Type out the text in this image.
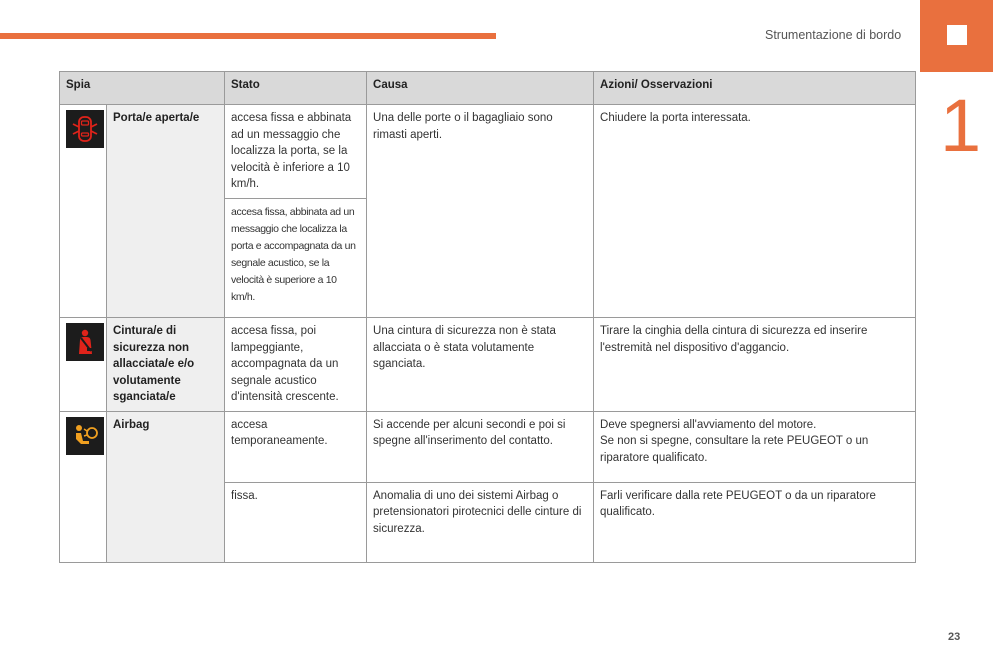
Strumentazione di bordo
1
Spia		Stato	Causa	Azioni/ Osservazioni

	Porta/e aperta/e	accesa fissa e abbinata ad un messaggio che localizza la porta, se la velocità è inferiore a 10 km/h.	Una delle porte o il bagagliaio sono rimasti aperti.	Chiudere la porta interessata.
		accesa fissa, abbinata ad un messaggio che localizza la porta e accompagnata da un segnale acustico, se la velocità è superiore a 10 km/h.		

	Cintura/e di sicurezza non allacciata/e e/o volutamente sganciata/e	accesa fissa, poi lampeggiante, accompagnata da un segnale acustico d'intensità crescente.	Una cintura di sicurezza non è stata allacciata o è stata volutamente sganciata.	Tirare la cinghia della cintura di sicurezza ed inserire l'estremità nel dispositivo d'aggancio.

	Airbag	accesa temporaneamente.	Si accende per alcuni secondi e poi si spegne all'inserimento del contatto.	Deve spegnersi all'avviamento del motore.
Se non si spegne, consultare la rete PEUGEOT o un riparatore qualificato.

		fissa.	Anomalia di uno dei sistemi Airbag o pretensionatori pirotecnici delle cinture di sicurezza.	Farli verificare dalla rete PEUGEOT o da un riparatore qualificato.
23
